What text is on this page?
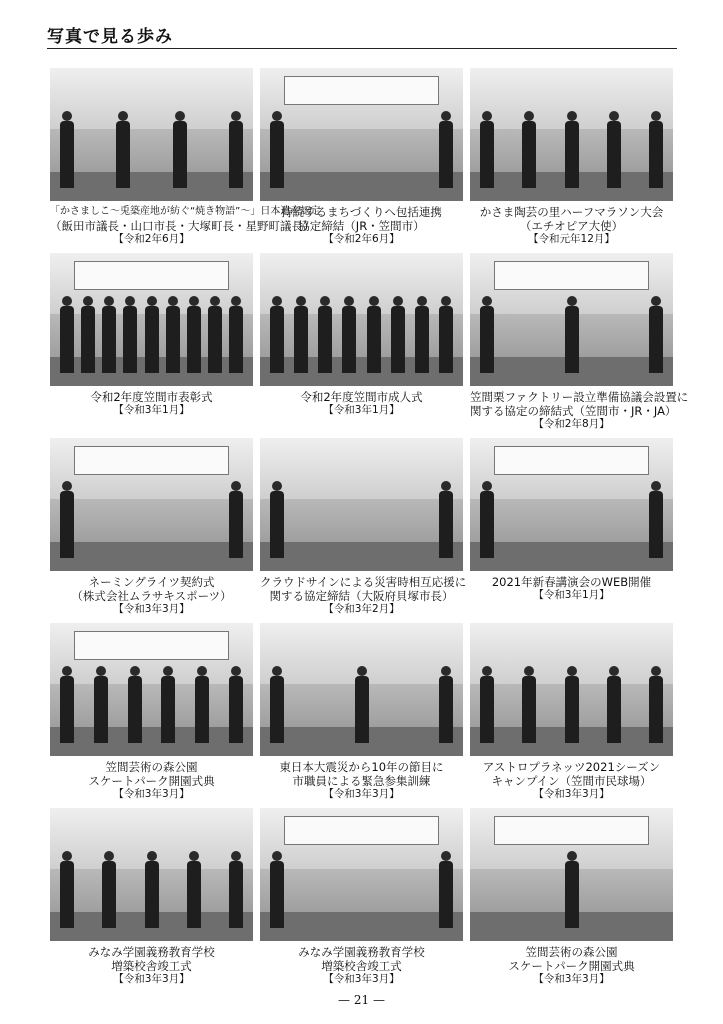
写真で見る歩み
「かさましこ〜兎築産地が紡ぐ“焼き物語”〜」日本遺産認定
（飯田市議長・山口市長・大塚町長・星野町議長）
【令和2年6月】
持続するまちづくりへ包括連携
協定締結（JR・笠間市）
【令和2年6月】
かさま陶芸の里ハーフマラソン大会
（エチオピア大使）
【令和元年12月】
令和2年度笠間市表彰式
【令和3年1月】
令和2年度笠間市成人式
【令和3年1月】
笠間栗ファクトリー設立準備協議会設置に
関する協定の締結式（笠間市・JR・JA）
【令和2年8月】
ネーミングライツ契約式
（株式会社ムラサキスポーツ）
【令和3年3月】
クラウドサインによる災害時相互応援に
関する協定締結（大阪府貝塚市長）
【令和3年2月】
2021年新春講演会のWEB開催
【令和3年1月】
笠間芸術の森公園
スケートパーク開園式典
【令和3年3月】
東日本大震災から10年の節目に
市職員による緊急参集訓練
【令和3年3月】
アストロプラネッツ2021シーズン
キャンプイン（笠間市民球場）
【令和3年3月】
みなみ学園義務教育学校
増築校舎竣工式
【令和3年3月】
みなみ学園義務教育学校
増築校舎竣工式
【令和3年3月】
笠間芸術の森公園
スケートパーク開園式典
【令和3年3月】
— 21 —
